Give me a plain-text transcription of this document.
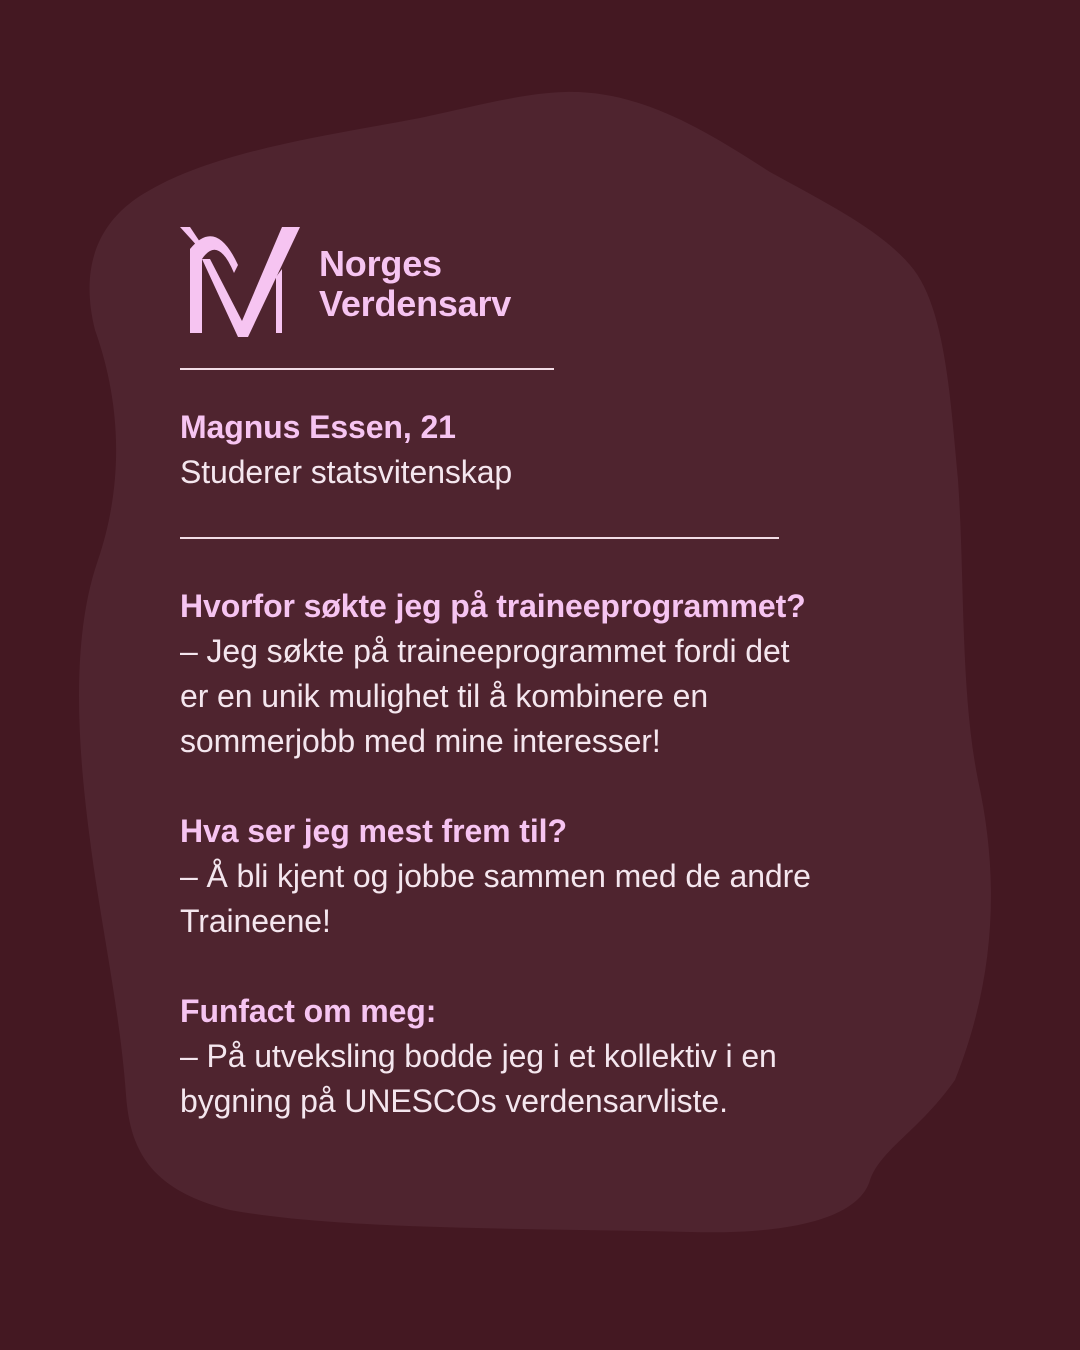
Norges
Verdensarv
Magnus Essen, 21
Studerer statsvitenskap
Hvorfor søkte jeg på traineeprogrammet?
– Jeg søkte på traineeprogrammet fordi det
er en unik mulighet til å kombinere en
sommerjobb med mine interesser!
Hva ser jeg mest frem til?
– Å bli kjent og jobbe sammen med de andre
Traineene!
Funfact om meg:
– På utveksling bodde jeg i et kollektiv i en
bygning på UNESCOs verdensarvliste.
